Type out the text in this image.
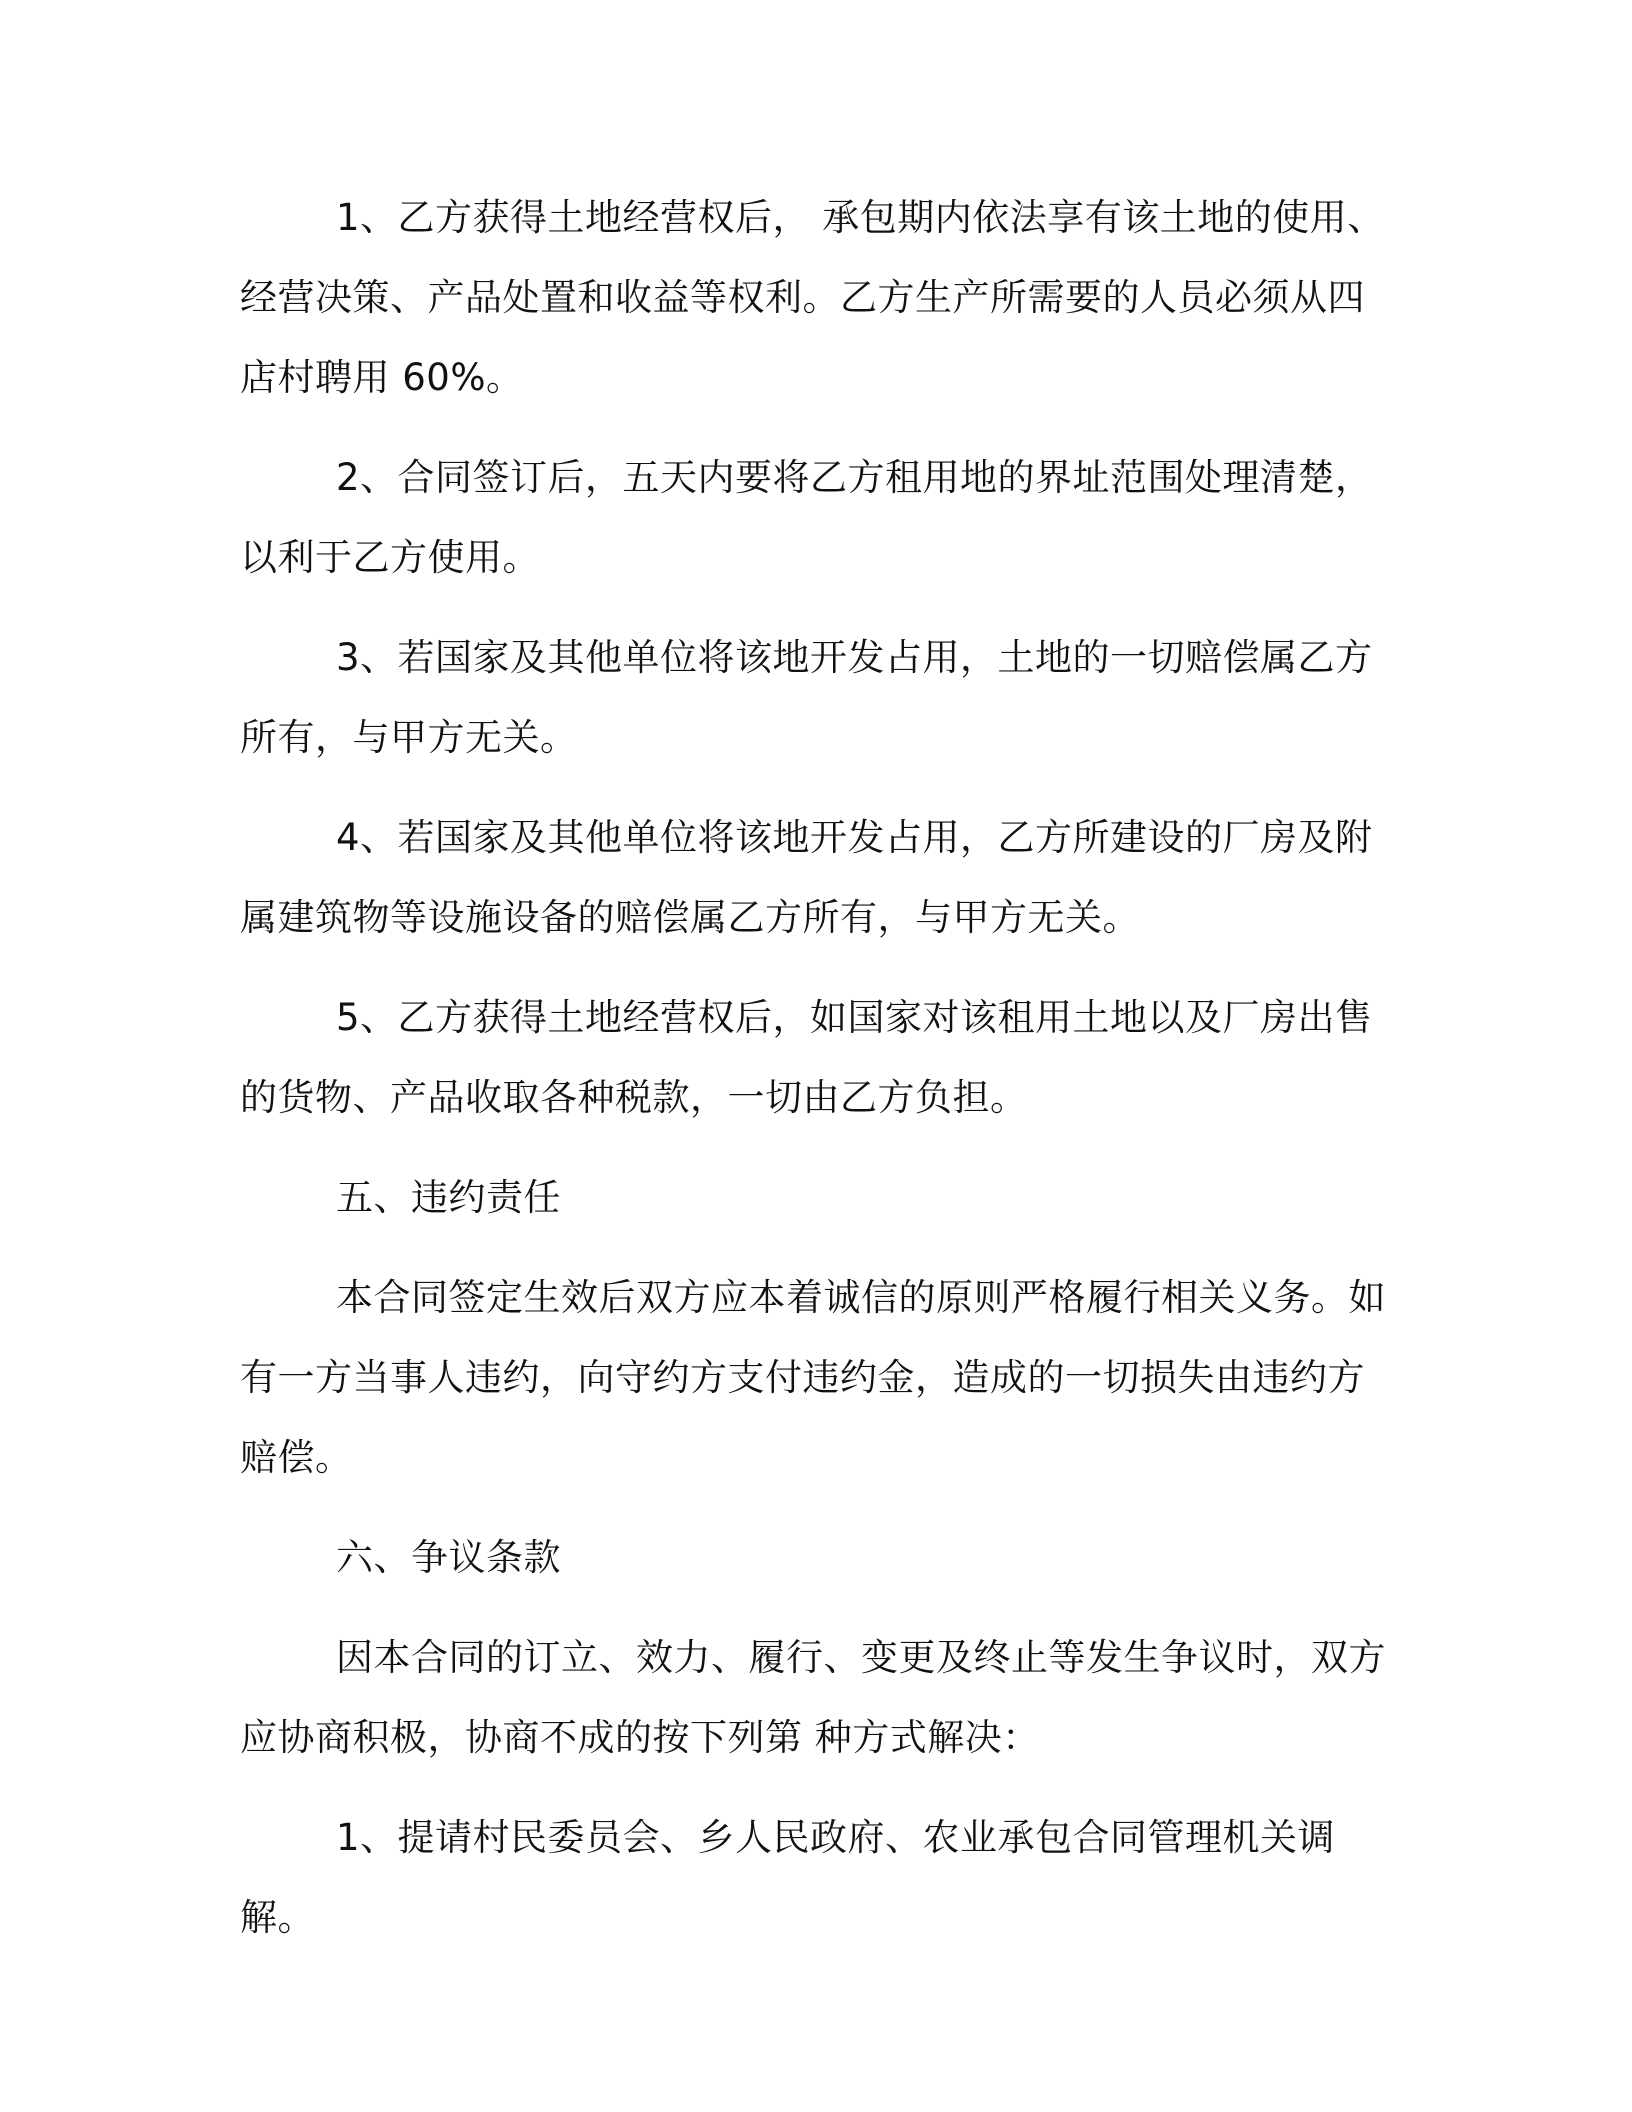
1、乙方获得土地经营权后， 承包期内依法享有该土地的使用、经营决策、产品处置和收益等权利。乙方生产所需要的人员必须从四店村聘用 60%。

2、合同签订后，五天内要将乙方租用地的界址范围处理清楚，以利于乙方使用。

3、若国家及其他单位将该地开发占用，土地的一切赔偿属乙方所有，与甲方无关。

4、若国家及其他单位将该地开发占用，乙方所建设的厂房及附属建筑物等设施设备的赔偿属乙方所有，与甲方无关。

5、乙方获得土地经营权后，如国家对该租用土地以及厂房出售的货物、产品收取各种税款，一切由乙方负担。

五、违约责任

本合同签定生效后双方应本着诚信的原则严格履行相关义务。如有一方当事人违约，向守约方支付违约金，造成的一切损失由违约方赔偿。

六、争议条款

因本合同的订立、效力、履行、变更及终止等发生争议时，双方应协商积极，协商不成的按下列第 种方式解决：

1、提请村民委员会、乡人民政府、农业承包合同管理机关调解。
